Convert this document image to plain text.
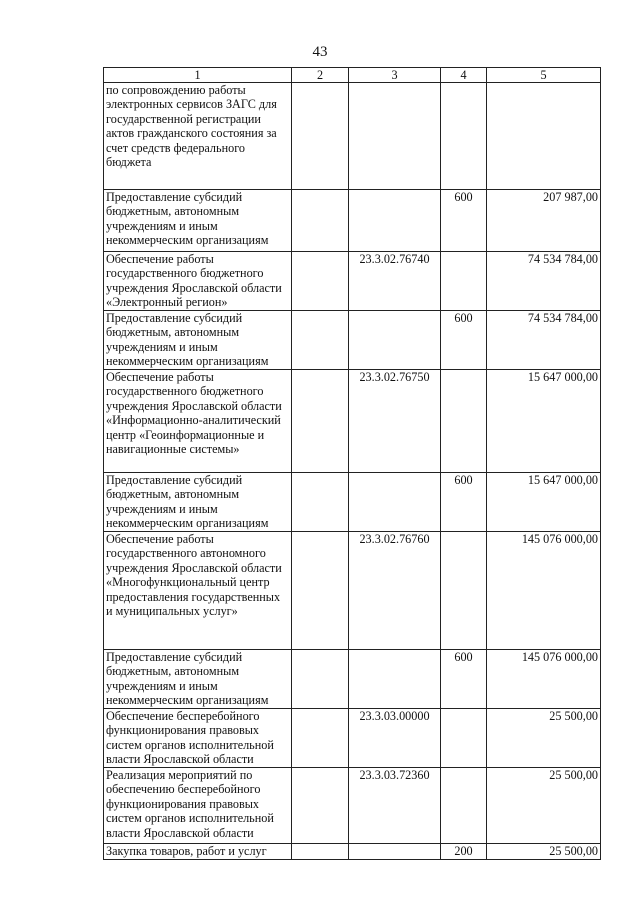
43
1	2	3	4	5
по сопровождению работы электронных сервисов ЗАГС для государственной регистрации актов гражданского состояния за счет средств федерального бюджета				
Предоставление субсидий бюджетным, автономным учреждениям и иным некоммерческим организациям			600	207 987,00
Обеспечение работы государственного бюджетного учреждения Ярославской области «Электронный регион»		23.3.02.76740		74 534 784,00
Предоставление субсидий бюджетным, автономным учреждениям и иным некоммерческим организациям			600	74 534 784,00
Обеспечение работы государственного бюджетного учреждения Ярославской области «Информационно-аналитический центр «Геоинформационные и навигационные системы»		23.3.02.76750		15 647 000,00
Предоставление субсидий бюджетным, автономным учреждениям и иным некоммерческим организациям			600	15 647 000,00
Обеспечение работы государственного автономного учреждения Ярославской области «Многофункциональный центр предоставления государственных и муниципальных услуг»		23.3.02.76760		145 076 000,00
Предоставление субсидий бюджетным, автономным учреждениям и иным некоммерческим организациям			600	145 076 000,00
Обеспечение бесперебойного функционирования правовых систем органов исполнительной власти Ярославской области		23.3.03.00000		25 500,00
Реализация мероприятий по обеспечению бесперебойного функционирования правовых систем органов исполнительной власти Ярославской области		23.3.03.72360		25 500,00
Закупка товаров, работ и услуг			200	25 500,00
